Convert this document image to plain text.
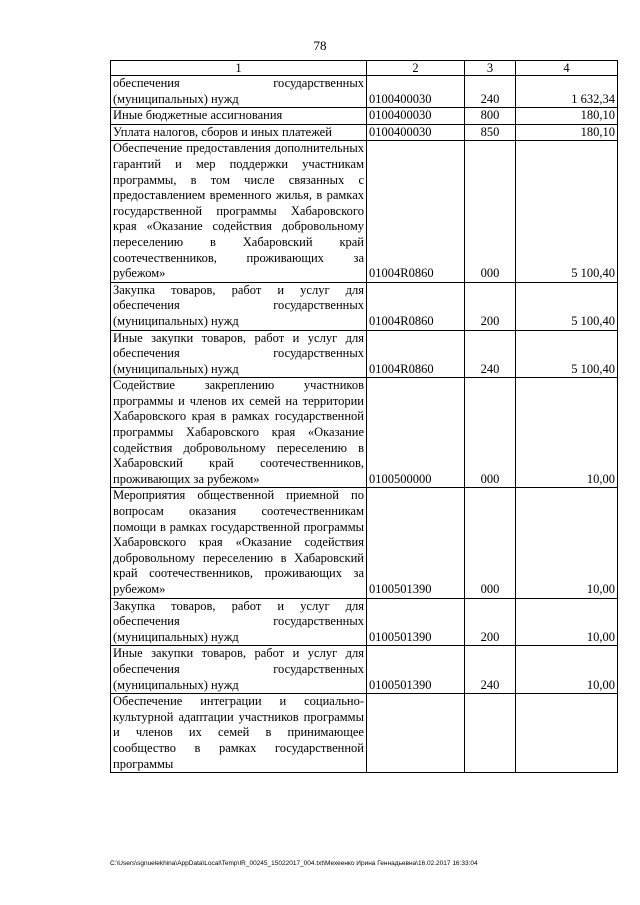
78
1	2	3	4
обеспечения государственных (муниципальных) нужд	0100400030	240	1 632,34
Иные бюджетные ассигнования	0100400030	800	180,10
Уплата налогов, сборов и иных платежей	0100400030	850	180,10
Обеспечение предоставления дополнительных гарантий и мер поддержки участникам программы, в том числе связанных с предоставлением временного жилья, в рамках государственной программы Хабаровского края «Оказание содействия добровольному переселению в Хабаровский край соотечественников, проживающих за рубежом»	01004R0860	000	5 100,40
Закупка товаров, работ и услуг для обеспечения государственных (муниципальных) нужд	01004R0860	200	5 100,40
Иные закупки товаров, работ и услуг для обеспечения государственных (муниципальных) нужд	01004R0860	240	5 100,40
Содействие закреплению участников программы и членов их семей на территории Хабаровского края в рамках государственной программы Хабаровского края «Оказание содействия добровольному переселению в Хабаровский край соотечественников, проживающих за рубежом»	0100500000	000	10,00
Мероприятия общественной приемной по вопросам оказания соотечественникам помощи в рамках государственной программы Хабаровского края «Оказание содействия добровольному переселению в Хабаровский край соотечественников, проживающих за рубежом»	0100501390	000	10,00
Закупка товаров, работ и услуг для обеспечения государственных (муниципальных) нужд	0100501390	200	10,00
Иные закупки товаров, работ и услуг для обеспечения государственных (муниципальных) нужд	0100501390	240	10,00
Обеспечение интеграции и социально-культурной адаптации участников программы и членов их семей в принимающее сообщество в рамках государственной программы			
C:\Users\sgnuelekhina\AppData\Local\Temp\IR_00245_15022017_004.txt\Мехеенко Ирина Геннадьевна\16.02.2017 16:33:04
